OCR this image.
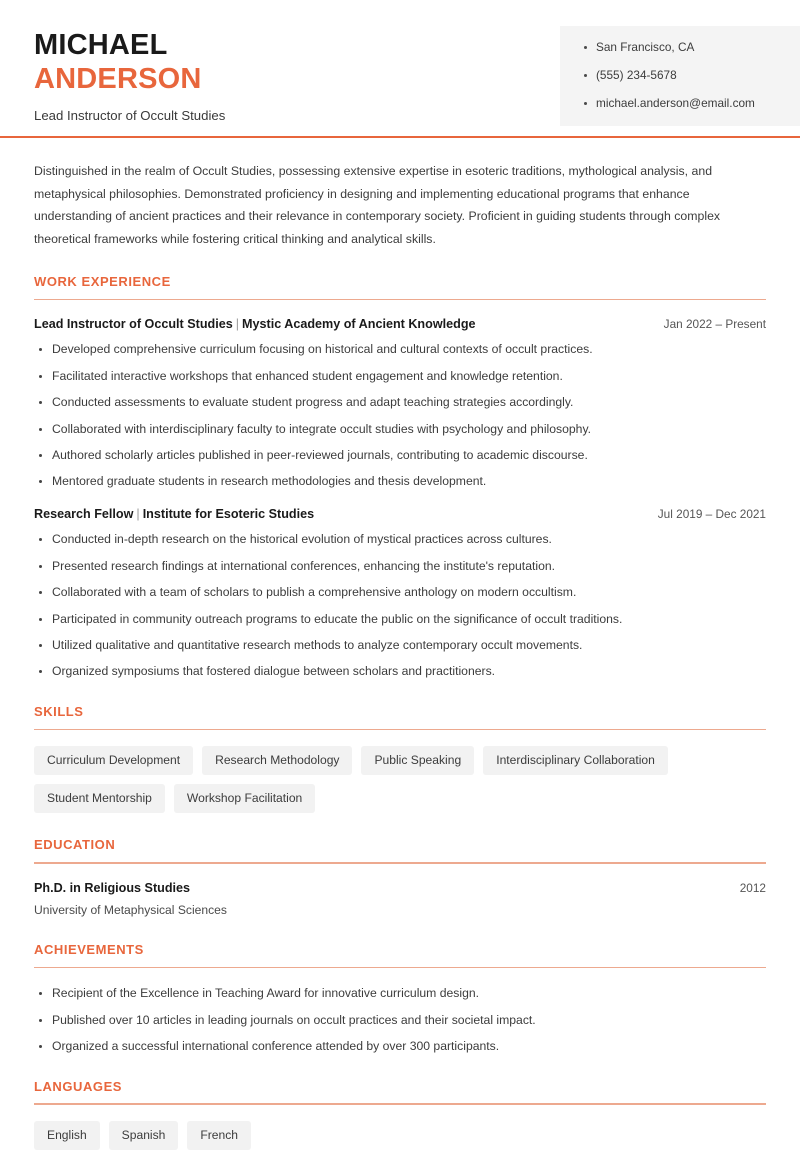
MICHAEL
ANDERSON
Lead Instructor of Occult Studies
San Francisco, CA
(555) 234-5678
michael.anderson@email.com

Distinguished in the realm of Occult Studies, possessing extensive expertise in esoteric traditions, mythological analysis, and metaphysical philosophies. Demonstrated proficiency in designing and implementing educational programs that enhance understanding of ancient practices and their relevance in contemporary society. Proficient in guiding students through complex theoretical frameworks while fostering critical thinking and analytical skills.

WORK EXPERIENCE
Lead Instructor of Occult Studies | Mystic Academy of Ancient Knowledge	Jan 2022 – Present
Developed comprehensive curriculum focusing on historical and cultural contexts of occult practices.
Facilitated interactive workshops that enhanced student engagement and knowledge retention.
Conducted assessments to evaluate student progress and adapt teaching strategies accordingly.
Collaborated with interdisciplinary faculty to integrate occult studies with psychology and philosophy.
Authored scholarly articles published in peer-reviewed journals, contributing to academic discourse.
Mentored graduate students in research methodologies and thesis development.
Research Fellow | Institute for Esoteric Studies	Jul 2019 – Dec 2021
Conducted in-depth research on the historical evolution of mystical practices across cultures.
Presented research findings at international conferences, enhancing the institute's reputation.
Collaborated with a team of scholars to publish a comprehensive anthology on modern occultism.
Participated in community outreach programs to educate the public on the significance of occult traditions.
Utilized qualitative and quantitative research methods to analyze contemporary occult movements.
Organized symposiums that fostered dialogue between scholars and practitioners.
SKILLS
Curriculum Development	Research Methodology	Public Speaking	Interdisciplinary Collaboration
Student Mentorship	Workshop Facilitation
EDUCATION
Ph.D. in Religious Studies	2012
University of Metaphysical Sciences
ACHIEVEMENTS
Recipient of the Excellence in Teaching Award for innovative curriculum design.
Published over 10 articles in leading journals on occult practices and their societal impact.
Organized a successful international conference attended by over 300 participants.
LANGUAGES
English	Spanish	French
